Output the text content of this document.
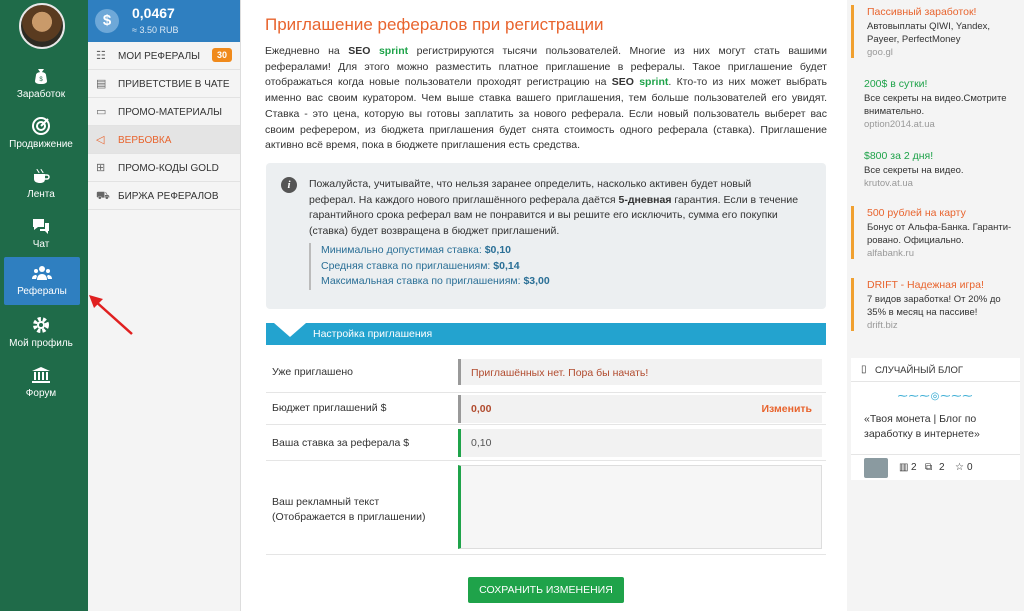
$
Заработок
Продвижение
Лента
Чат
Рефералы
Мой профиль
Форум
$	0,0467
≈ 3.50 RUB
☷	МОИ РЕФЕРАЛЫ	30
▤	ПРИВЕТСТВИЕ В ЧАТЕ
▭	ПРОМО-МАТЕРИАЛЫ
◁	ВЕРБОВКА
⊞	ПРОМО-КОДЫ GOLD
⛟ БИРЖА РЕФЕРАЛОВ
Приглашение рефералов при регистрации
Ежедневно на SEO sprint регистрируются тысячи пользователей. Многие из них могут стать вашими рефералами! Для этого можно разместить платное приглашение в рефералы. Такое приглашение будет отображаться когда новые пользователи проходят регистрацию на SEO sprint. Кто-то из них может выбрать именно вас своим куратором. Чем выше ставка вашего приглашения, тем больше пользователей его увидят. Ставка - это цена, которую вы готовы заплатить за нового реферала. Если новый пользователь выберет вас своим реферером, из бюджета приглашения будет снята стоимость одного реферала (ставка). Приглашение активно всё время, пока в бюджете приглашения есть средства.
i	Пожалуйста, учитывайте, что нельзя заранее определить, насколько активен будет новый реферал. На каждого нового приглашённого реферала даётся 5-дневная гарантия. Если в течение гарантийного срока реферал вам не понравится и вы решите его исключить, сумма его покупки (ставка) будет возвращена в бюджет приглашений.
Минимально допустимая ставка: $0,10
Средняя ставка по приглашениям: $0,14
Максимальная ставка по приглашениям: $3,00
Настройка приглашения
Уже приглашено	Приглашённых нет. Пора бы начать!
Бюджет приглашений $	0,00	Изменить
Ваша ставка за реферала $	0,10
Ваш рекламный текст
(Отображается в приглашении)
СОХРАНИТЬ ИЗМЕНЕНИЯ
Пассивный заработок!
Автовыплаты QIWI, Yandex, Payeer, PerfectMoney
goo.gl
200$ в сутки!
Все секреты на видео.Смотрите внимательно.
option2014.at.ua
$800 за 2 дня!
Все секреты на видео.
krutov.at.ua
500 рублей на карту
Бонус от Альфа-Банка. Гаранти-ровано. Официально.
alfabank.ru
DRIFT - Надежная игра!
7 видов заработка! От 20% до 35% в месяц на пассиве!
drift.biz
▯ СЛУЧАЙНЫЙ БЛОГ
⁓⁓⁓◎⁓⁓⁓
«Твоя монета | Блог по заработку в интернете»
▥ 2 ⧉ 2 ☆ 0
